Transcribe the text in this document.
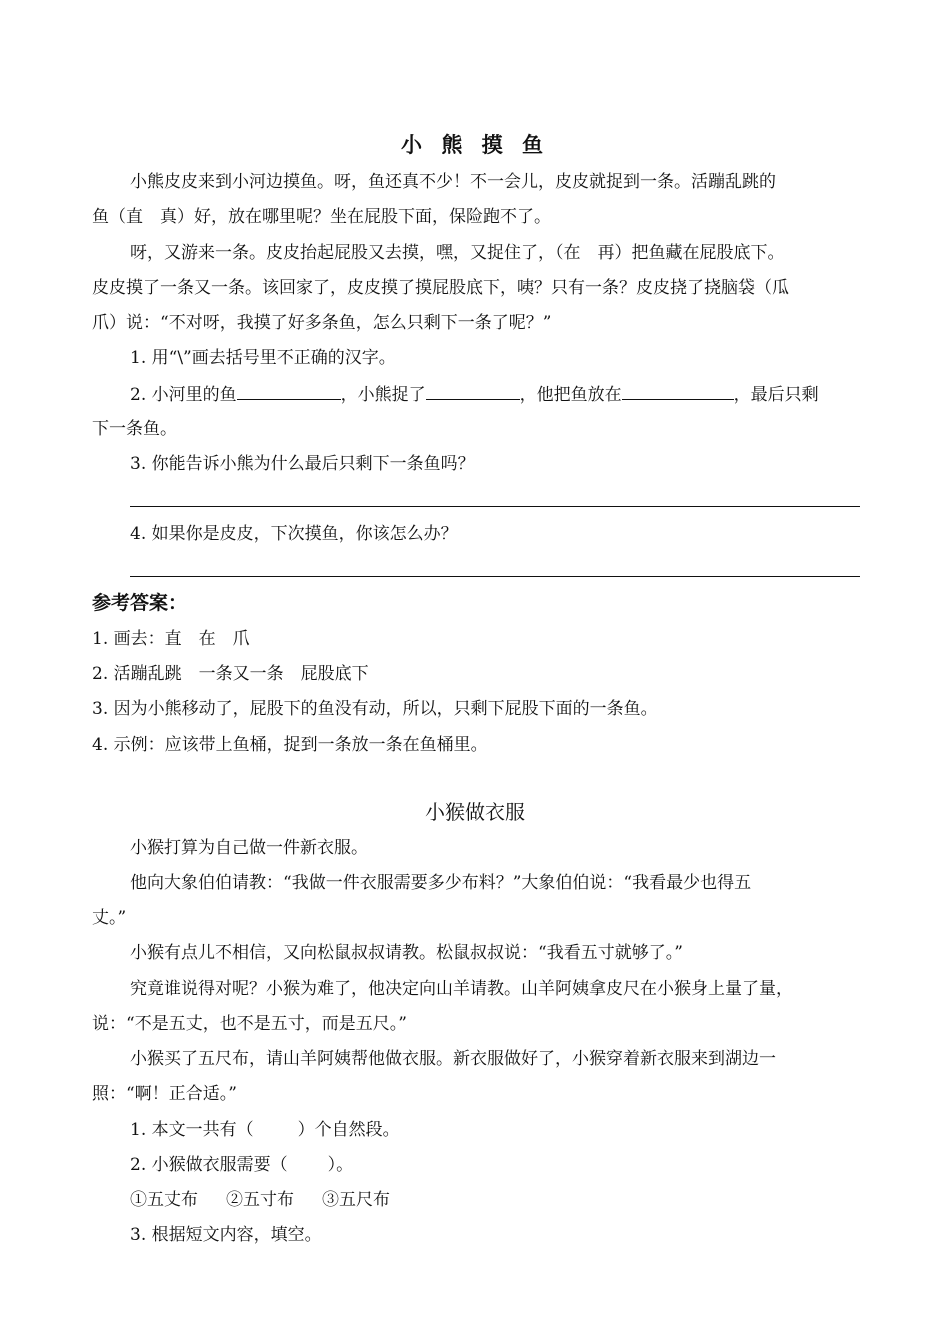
小 熊 摸 鱼
小熊皮皮来到小河边摸鱼。呀，鱼还真不少！不一会儿，皮皮就捉到一条。活蹦乱跳的
鱼（直　真）好，放在哪里呢？坐在屁股下面，保险跑不了。
呀，又游来一条。皮皮抬起屁股又去摸，嘿，又捉住了，（在　再）把鱼藏在屁股底下。
皮皮摸了一条又一条。该回家了，皮皮摸了摸屁股底下，咦？只有一条？皮皮挠了挠脑袋（瓜
爪）说：“不对呀，我摸了好多条鱼，怎么只剩下一条了呢？”
1. 用“\”画去括号里不正确的汉字。
2. 小河里的鱼	，小熊捉了	，他把鱼放在	，最后只剩
下一条鱼。
3. 你能告诉小熊为什么最后只剩下一条鱼吗？
4. 如果你是皮皮，下次摸鱼，你该怎么办？
参考答案：
1. 画去：直　在　爪
2. 活蹦乱跳　一条又一条　屁股底下
3. 因为小熊移动了，屁股下的鱼没有动，所以，只剩下屁股下面的一条鱼。
4. 示例：应该带上鱼桶，捉到一条放一条在鱼桶里。
小猴做衣服
小猴打算为自己做一件新衣服。
他向大象伯伯请教：“我做一件衣服需要多少布料？”大象伯伯说：“我看最少也得五
丈。”
小猴有点儿不相信，又向松鼠叔叔请教。松鼠叔叔说：“我看五寸就够了。”
究竟谁说得对呢？小猴为难了，他决定向山羊请教。山羊阿姨拿皮尺在小猴身上量了量，
说：“不是五丈，也不是五寸，而是五尺。”
小猴买了五尺布，请山羊阿姨帮他做衣服。新衣服做好了，小猴穿着新衣服来到湖边一
照：“啊！正合适。”
1. 本文一共有（	）个自然段。
2. 小猴做衣服需要（ ）。
①五丈布 ②五寸布 ③五尺布
3. 根据短文内容，填空。
